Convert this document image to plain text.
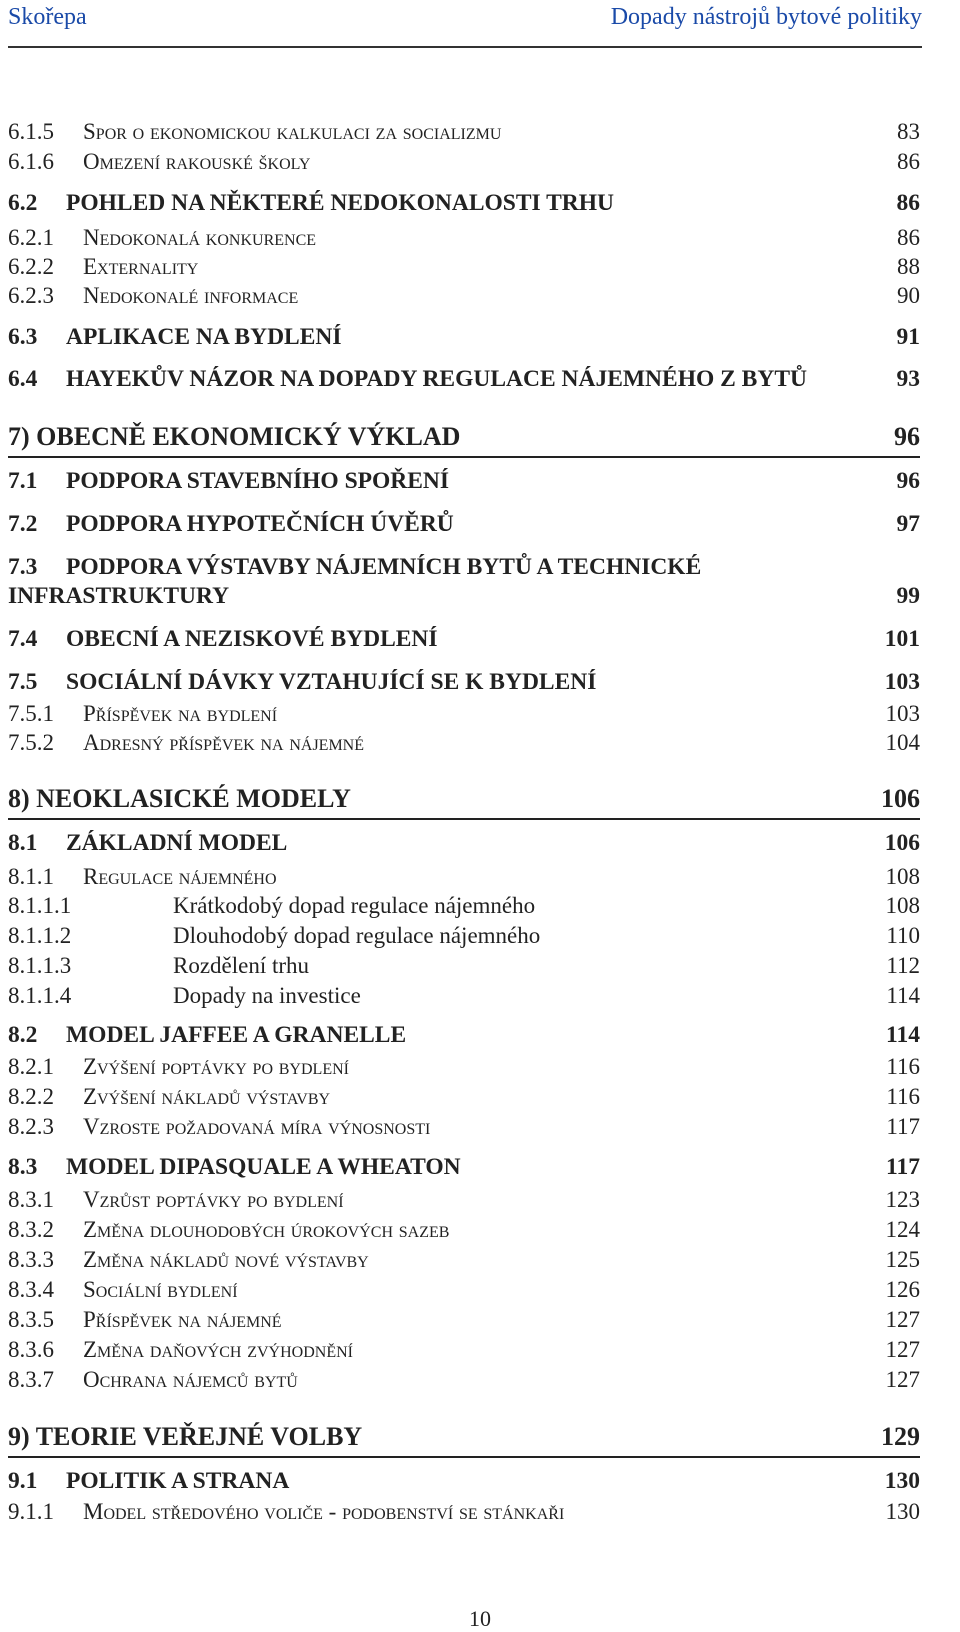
Skořepa	Dopady nástrojů bytové politiky
6.1.5 Spor o ekonomickou kalkulaci za socializmu	83
6.1.6 Omezení rakouské školy	86
6.2 POHLED NA NĚKTERÉ NEDOKONALOSTI TRHU	86
6.2.1 Nedokonalá konkurence	86
6.2.2 Externality	88
6.2.3 Nedokonalé informace	90
6.3 APLIKACE NA BYDLENÍ	91
6.4 HAYEKŮV NÁZOR NA DOPADY REGULACE NÁJEMNÉHO Z BYTŮ	93
7) OBECNĚ EKONOMICKÝ VÝKLAD	96
7.1 PODPORA STAVEBNÍHO SPOŘENÍ	96
7.2 PODPORA HYPOTEČNÍCH ÚVĚRŮ	97
7.3 PODPORA VÝSTAVBY NÁJEMNÍCH BYTŮ A TECHNICKÉ
INFRASTRUKTURY	99
7.4 OBECNÍ A NEZISKOVÉ BYDLENÍ	101
7.5 SOCIÁLNÍ DÁVKY VZTAHUJÍCÍ SE K BYDLENÍ	103
7.5.1 Příspěvek na bydlení	103
7.5.2 Adresný příspěvek na nájemné	104
8) NEOKLASICKÉ MODELY	106
8.1 ZÁKLADNÍ MODEL	106
8.1.1 Regulace nájemného	108
8.1.1.1	Krátkodobý dopad regulace nájemného	108
8.1.1.2	Dlouhodobý dopad regulace nájemného	110
8.1.1.3	Rozdělení trhu	112
8.1.1.4	Dopady na investice	114
8.2 MODEL JAFFEE A GRANELLE	114
8.2.1 Zvýšení poptávky po bydlení	116
8.2.2 Zvýšení nákladů výstavby	116
8.2.3 Vzroste požadovaná míra výnosnosti	117
8.3 MODEL DIPASQUALE A WHEATON	117
8.3.1 Vzrůst poptávky po bydlení	123
8.3.2 Změna dlouhodobých úrokových sazeb	124
8.3.3 Změna nákladů nové výstavby	125
8.3.4 Sociální bydlení	126
8.3.5 Příspěvek na nájemné	127
8.3.6 Změna daňových zvýhodnění	127
8.3.7 Ochrana nájemců bytů	127
9) TEORIE VEŘEJNÉ VOLBY	129
9.1 POLITIK A STRANA	130
9.1.1 Model středového voliče - podobenství se stánkaři	130
10
